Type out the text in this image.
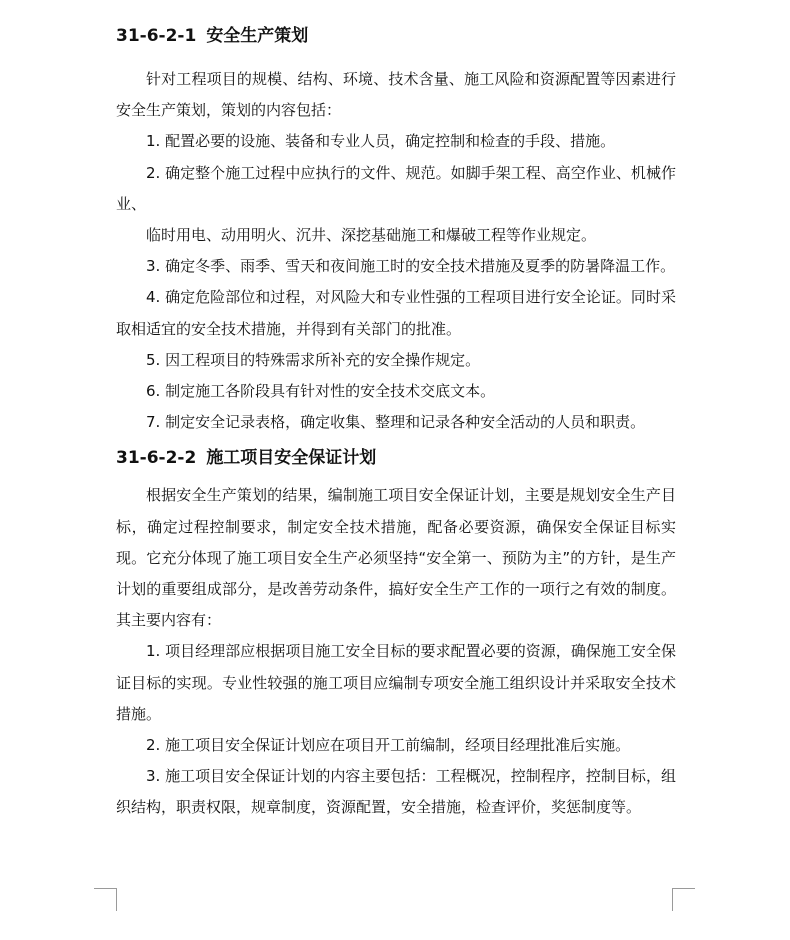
31-6-2-1 安全生产策划

针对工程项目的规模、结构、环境、技术含量、施工风险和资源配置等因素进行安全生产策划，策划的内容包括：

1. 配置必要的设施、装备和专业人员，确定控制和检查的手段、措施。

2. 确定整个施工过程中应执行的文件、规范。如脚手架工程、高空作业、机械作业、

临时用电、动用明火、沉井、深挖基础施工和爆破工程等作业规定。

3. 确定冬季、雨季、雪天和夜间施工时的安全技术措施及夏季的防暑降温工作。

4. 确定危险部位和过程，对风险大和专业性强的工程项目进行安全论证。同时采取相适宜的安全技术措施，并得到有关部门的批准。

5. 因工程项目的特殊需求所补充的安全操作规定。

6. 制定施工各阶段具有针对性的安全技术交底文本。

7. 制定安全记录表格，确定收集、整理和记录各种安全活动的人员和职责。

31-6-2-2 施工项目安全保证计划

根据安全生产策划的结果，编制施工项目安全保证计划，主要是规划安全生产目标，确定过程控制要求，制定安全技术措施，配备必要资源，确保安全保证目标实现。它充分体现了施工项目安全生产必须坚持“安全第一、预防为主”的方针，是生产计划的重要组成部分，是改善劳动条件，搞好安全生产工作的一项行之有效的制度。其主要内容有：

1. 项目经理部应根据项目施工安全目标的要求配置必要的资源，确保施工安全保证目标的实现。专业性较强的施工项目应编制专项安全施工组织设计并采取安全技术措施。

2. 施工项目安全保证计划应在项目开工前编制，经项目经理批准后实施。

3. 施工项目安全保证计划的内容主要包括：工程概况，控制程序，控制目标，组织结构，职责权限，规章制度，资源配置，安全措施，检查评价，奖惩制度等。
